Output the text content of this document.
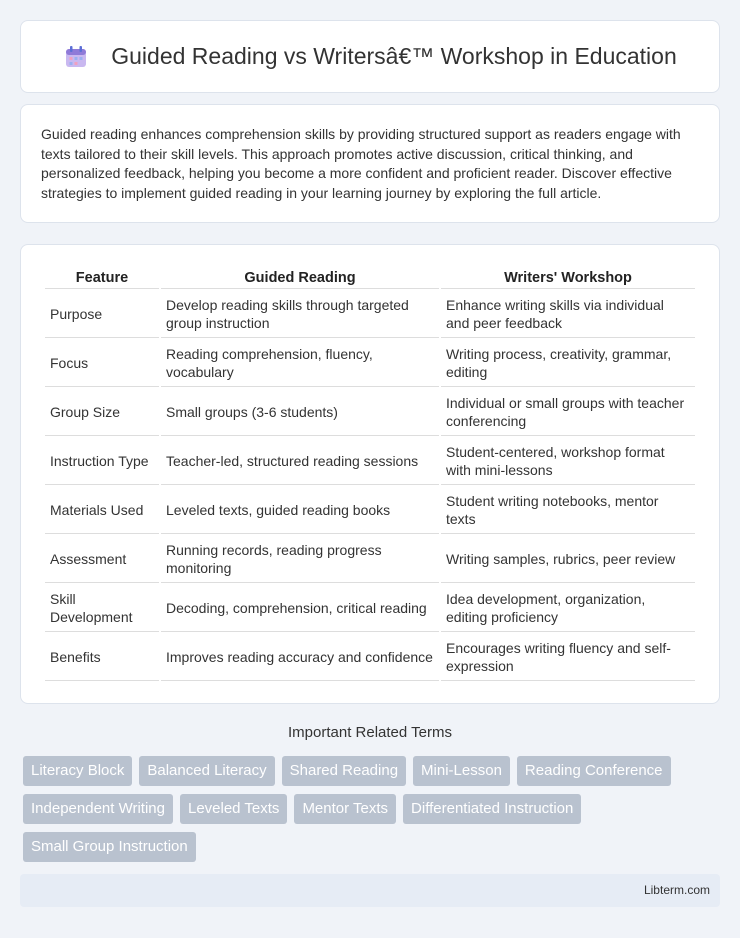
Guided Reading vs Writersâ€™ Workshop in Education

Guided reading enhances comprehension skills by providing structured support as readers engage with texts tailored to their skill levels. This approach promotes active discussion, critical thinking, and personalized feedback, helping you become a more confident and proficient reader. Discover effective strategies to implement guided reading in your learning journey by exploring the full article.

Feature	Guided Reading	Writers' Workshop
Purpose	Develop reading skills through targeted group instruction	Enhance writing skills via individual and peer feedback
Focus	Reading comprehension, fluency, vocabulary	Writing process, creativity, grammar, editing
Group Size	Small groups (3-6 students)	Individual or small groups with teacher conferencing
Instruction Type	Teacher-led, structured reading sessions	Student-centered, workshop format with mini-lessons
Materials Used	Leveled texts, guided reading books	Student writing notebooks, mentor texts
Assessment	Running records, reading progress monitoring	Writing samples, rubrics, peer review
Skill Development	Decoding, comprehension, critical reading	Idea development, organization, editing proficiency
Benefits	Improves reading accuracy and confidence	Encourages writing fluency and self-expression
Important Related Terms
Literacy Block	Balanced Literacy	Shared Reading	Mini-Lesson	Reading Conference
Independent Writing	Leveled Texts	Mentor Texts	Differentiated Instruction
Small Group Instruction
Libterm.com
